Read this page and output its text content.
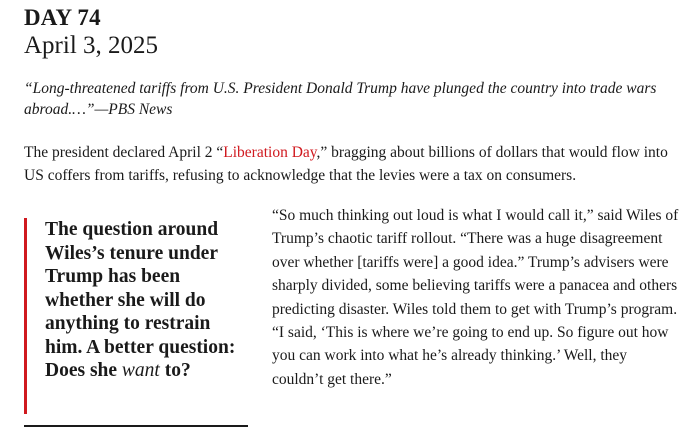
DAY 74
April 3, 2025
“Long-threatened tariffs from U.S. President Donald Trump have plunged the country into trade wars abroad.…”—PBS News
The president declared April 2 “Liberation Day,” bragging about billions of dollars that would flow into US coffers from tariffs, refusing to acknowledge that the levies were a tax on consumers.
The question around Wiles’s tenure under Trump has been whether she will do anything to restrain him. A better question: Does she want to?
“So much thinking out loud is what I would call it,” said Wiles of Trump’s chaotic tariff rollout. “There was a huge disagreement over whether [tariffs were] a good idea.” Trump’s advisers were sharply divided, some believing tariffs were a panacea and others predicting disaster. Wiles told them to get with Trump’s program. “I said, ‘This is where we’re going to end up. So figure out how you can work into what he’s already thinking.’ Well, they couldn’t get there.”
